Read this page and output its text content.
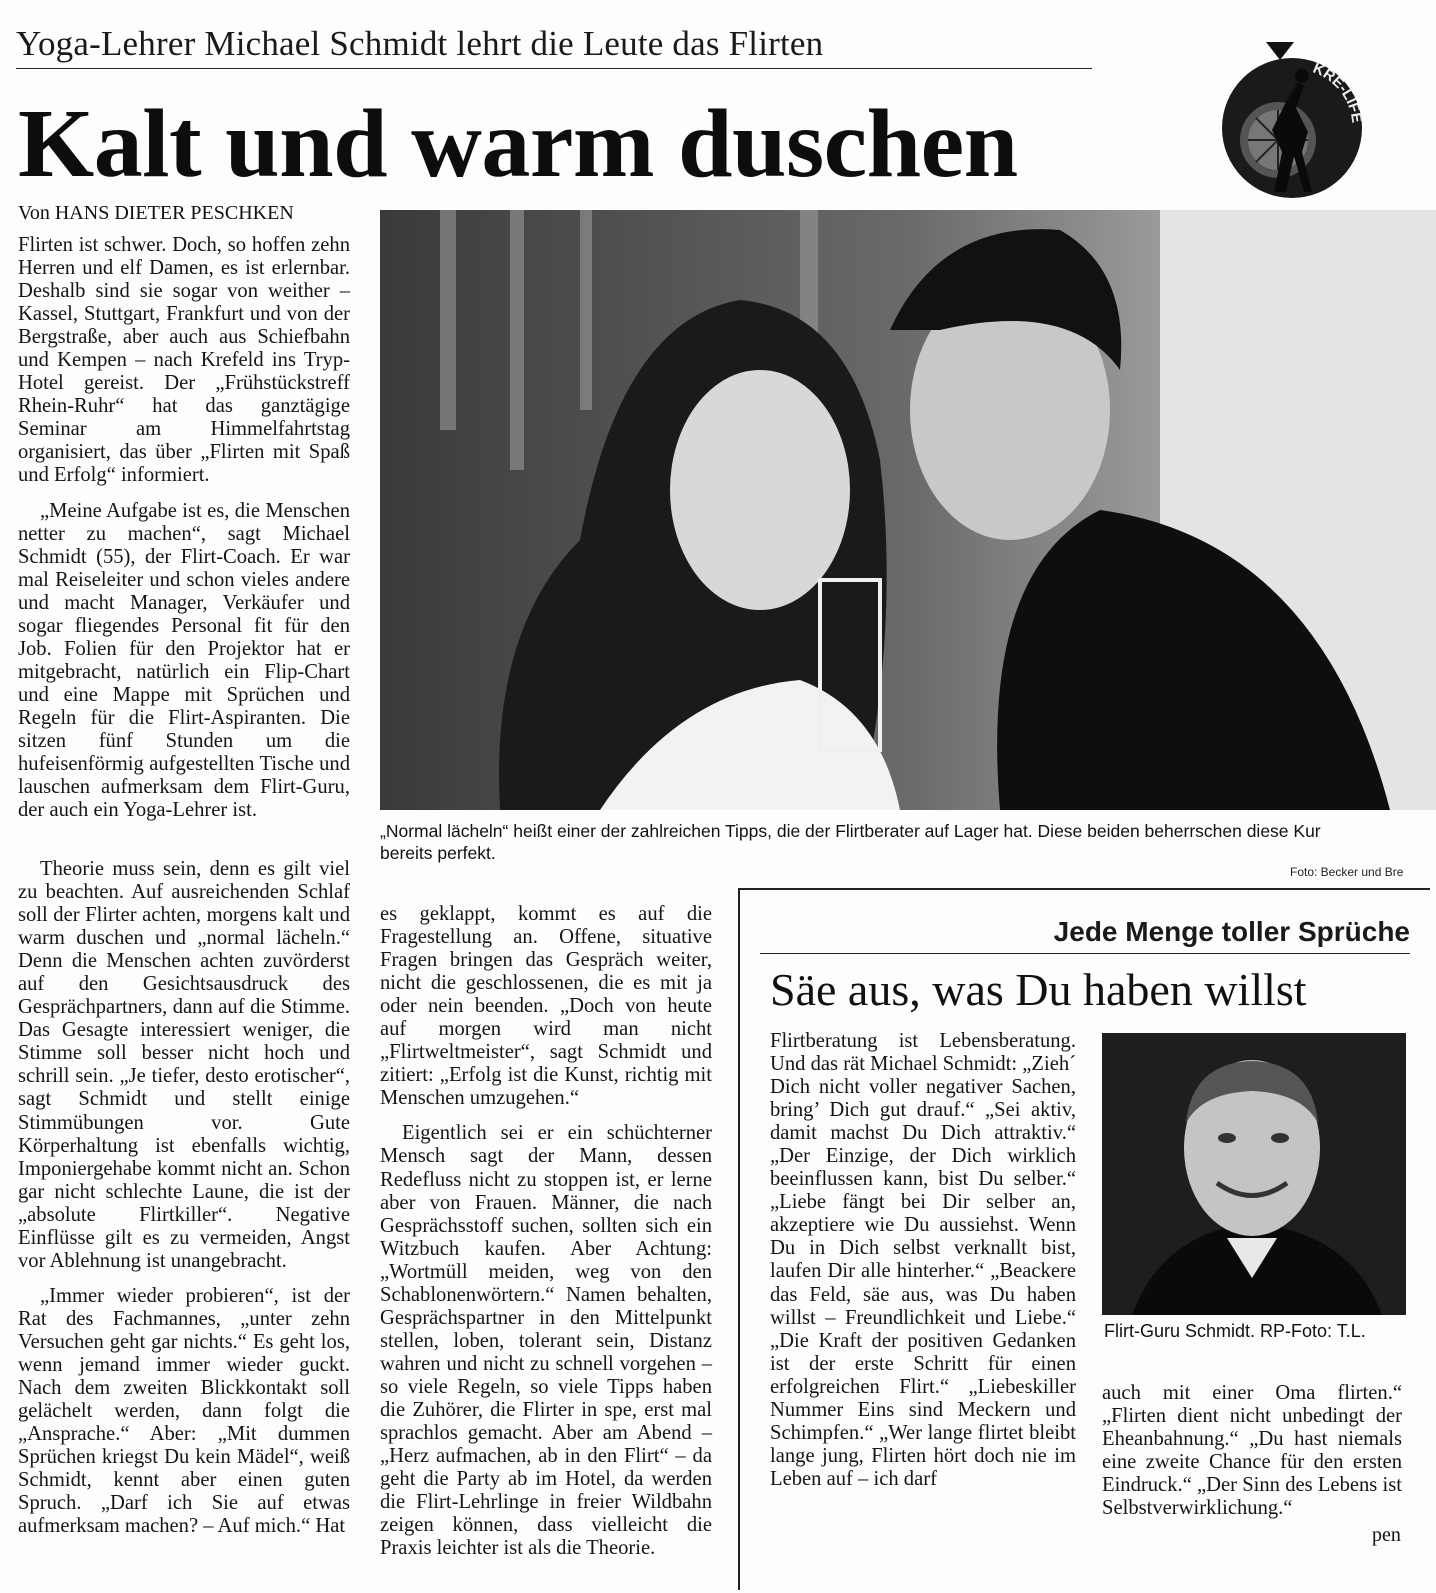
Yoga-Lehrer Michael Schmidt lehrt die Leute das Flirten
Kalt und warm duschen
KRE-LIFE
Von HANS DIETER PESCHKEN

Flirten ist schwer. Doch, so hoffen zehn Herren und elf Damen, es ist erlernbar. Deshalb sind sie sogar von weither – Kassel, Stuttgart, Frankfurt und von der Bergstraße, aber auch aus Schiefbahn und Kempen – nach Krefeld ins Tryp-Hotel gereist. Der „Frühstückstreff Rhein-Ruhr“ hat das ganztägige Seminar am Himmelfahrtstag organisiert, das über „Flirten mit Spaß und Erfolg“ informiert.

„Meine Aufgabe ist es, die Menschen netter zu machen“, sagt Michael Schmidt (55), der Flirt-Coach. Er war mal Reiseleiter und schon vieles andere und macht Manager, Verkäufer und sogar fliegendes Personal fit für den Job. Folien für den Projektor hat er mitgebracht, natürlich ein Flip-Chart und eine Mappe mit Sprüchen und Regeln für die Flirt-Aspiranten. Die sitzen fünf Stunden um die hufeisenförmig aufgestellten Tische und lauschen aufmerksam dem Flirt-Guru, der auch ein Yoga-Lehrer ist.

Theorie muss sein, denn es gilt viel zu beachten. Auf ausreichenden Schlaf soll der Flirter achten, morgens kalt und warm duschen und „normal lächeln.“ Denn die Menschen achten zuvörderst auf den Gesichtsausdruck des Gesprächpartners, dann auf die Stimme. Das Gesagte interessiert weniger, die Stimme soll besser nicht hoch und schrill sein. „Je tiefer, desto erotischer“, sagt Schmidt und stellt einige Stimmübungen vor. Gute Körperhaltung ist ebenfalls wichtig, Imponiergehabe kommt nicht an. Schon gar nicht schlechte Laune, die ist der „absolute Flirtkiller“. Negative Einflüsse gilt es zu vermeiden, Angst vor Ablehnung ist unangebracht.

„Immer wieder probieren“, ist der Rat des Fachmannes, „unter zehn Versuchen geht gar nichts.“ Es geht los, wenn jemand immer wieder guckt. Nach dem zweiten Blickkontakt soll gelächelt werden, dann folgt die „Ansprache.“ Aber: „Mit dummen Sprüchen kriegst Du kein Mädel“, weiß Schmidt, kennt aber einen guten Spruch. „Darf ich Sie auf etwas aufmerksam machen? – Auf mich.“ Hat

„Normal lächeln“ heißt einer der zahlreichen Tipps, die der Flirtberater auf Lager hat. Diese beiden beherrschen diese Kur
bereits perfekt.
Foto: Becker und Bre

es geklappt, kommt es auf die Fragestellung an. Offene, situative Fragen bringen das Gespräch weiter, nicht die geschlossenen, die es mit ja oder nein beenden. „Doch von heute auf morgen wird man nicht „Flirtweltmeister“, sagt Schmidt und zitiert: „Erfolg ist die Kunst, richtig mit Menschen umzugehen.“

Eigentlich sei er ein schüchterner Mensch sagt der Mann, dessen Redefluss nicht zu stoppen ist, er lerne aber von Frauen. Männer, die nach Gesprächsstoff suchen, sollten sich ein Witzbuch kaufen. Aber Achtung: „Wortmüll meiden, weg von den Schablonenwörtern.“ Namen behalten, Gesprächspartner in den Mittelpunkt stellen, loben, tolerant sein, Distanz wahren und nicht zu schnell vorgehen – so viele Regeln, so viele Tipps haben die Zuhörer, die Flirter in spe, erst mal sprachlos gemacht. Aber am Abend – „Herz aufmachen, ab in den Flirt“ – da geht die Party ab im Hotel, da werden die Flirt-Lehrlinge in freier Wildbahn zeigen können, dass vielleicht die Praxis leichter ist als die Theorie.

Jede Menge toller Sprüche
Säe aus, was Du haben willst

Flirtberatung ist Lebensberatung. Und das rät Michael Schmidt: „Zieh´ Dich nicht voller negativer Sachen, bring’ Dich gut drauf.“ „Sei aktiv, damit machst Du Dich attraktiv.“ „Der Einzige, der Dich wirklich beeinflussen kann, bist Du selber.“ „Liebe fängt bei Dir selber an, akzeptiere wie Du aussiehst. Wenn Du in Dich selbst verknallt bist, laufen Dir alle hinterher.“ „Beackere das Feld, säe aus, was Du haben willst – Freundlichkeit und Liebe.“ „Die Kraft der positiven Gedanken ist der erste Schritt für einen erfolgreichen Flirt.“ „Liebeskiller Nummer Eins sind Meckern und Schimpfen.“ „Wer lange flirtet bleibt lange jung, Flirten hört doch nie im Leben auf – ich darf

Flirt-Guru Schmidt. RP-Foto: T.L.

auch mit einer Oma flirten.“ „Flirten dient nicht unbedingt der Eheanbahnung.“ „Du hast niemals eine zweite Chance für den ersten Eindruck.“ „Der Sinn des Lebens ist Selbstverwirklichung.“

pen
